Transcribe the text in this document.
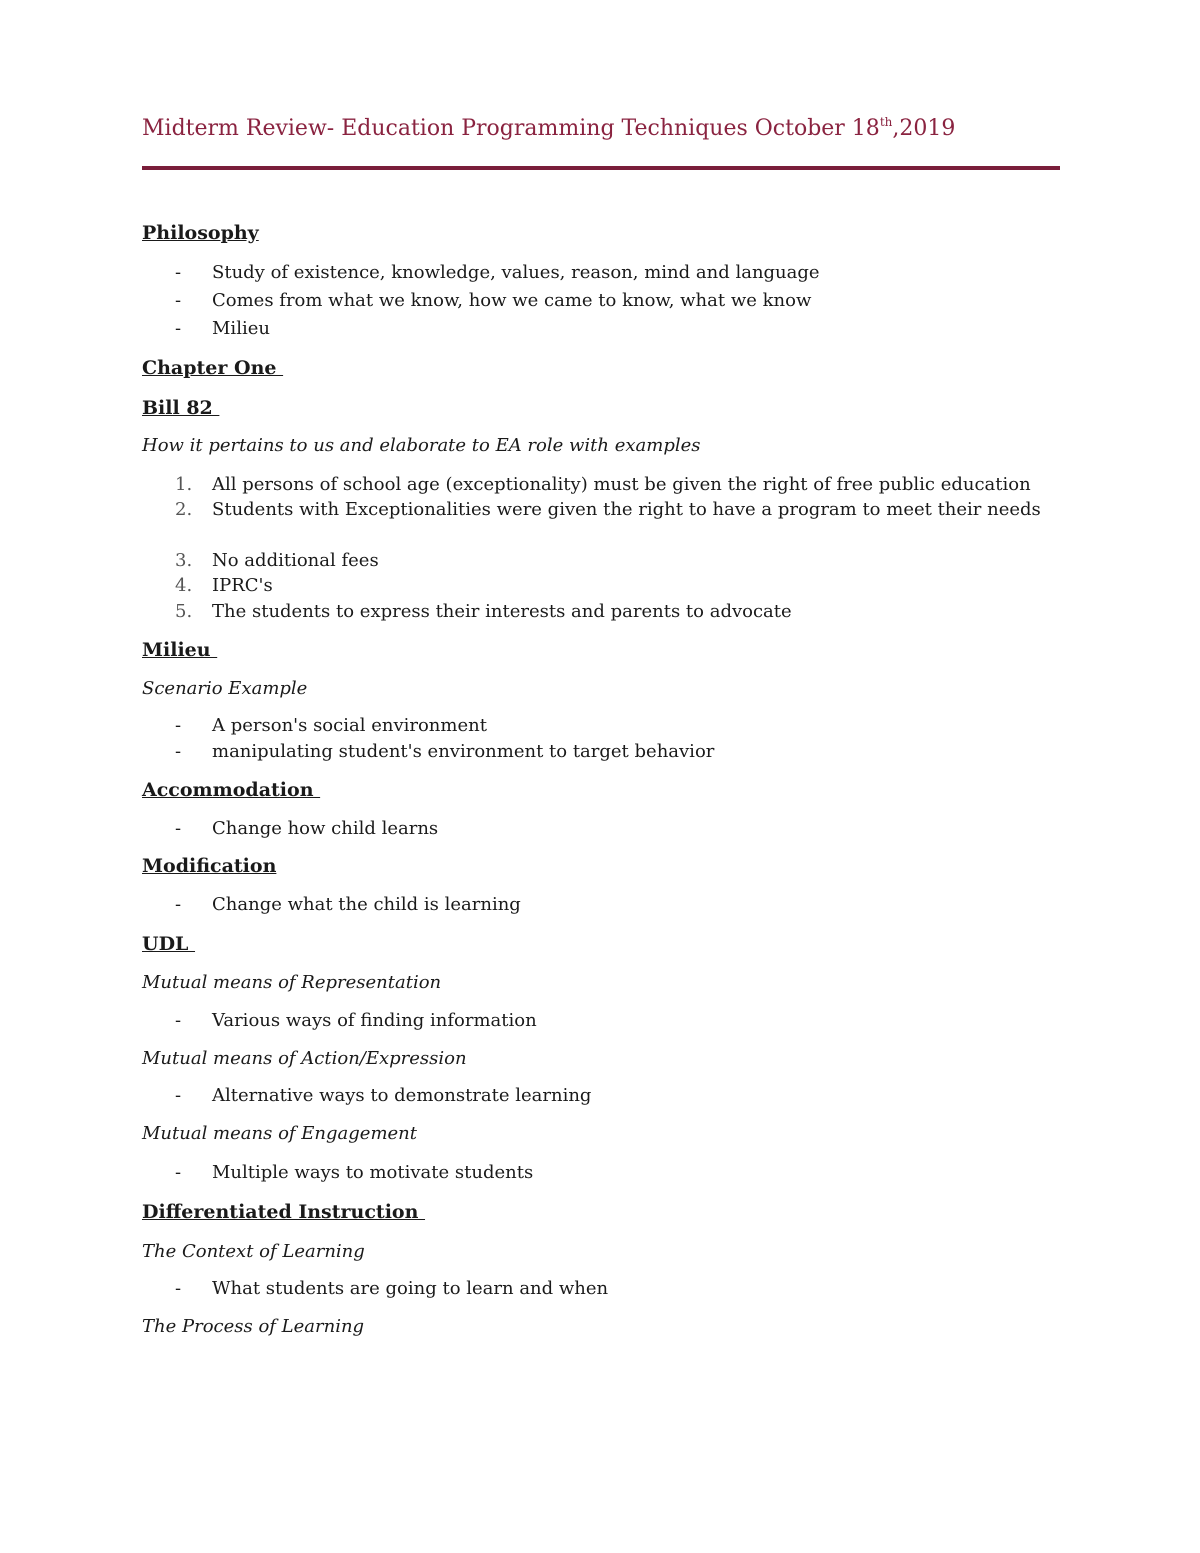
Midterm Review- Education Programming Techniques October 18th,2019
Philosophy
-	Study of existence, knowledge, values, reason, mind and language
-	Comes from what we know, how we came to know, what we know
-	Milieu
Chapter One
Bill 82
How it pertains to us and elaborate to EA role with examples
1.	All persons of school age (exceptionality) must be given the right of free public education
2.	Students with Exceptionalities were given the right to have a program to meet their needs
3.	No additional fees
4.	IPRC's
5.	The students to express their interests and parents to advocate
Milieu
Scenario Example
-	A person's social environment
-	manipulating student's environment to target behavior
Accommodation
-	Change how child learns
Modification
-	Change what the child is learning
UDL
Mutual means of Representation
-	Various ways of finding information
Mutual means of Action/Expression
-	Alternative ways to demonstrate learning
Mutual means of Engagement
-	Multiple ways to motivate students
Differentiated Instruction
The Context of Learning
-	What students are going to learn and when
The Process of Learning
